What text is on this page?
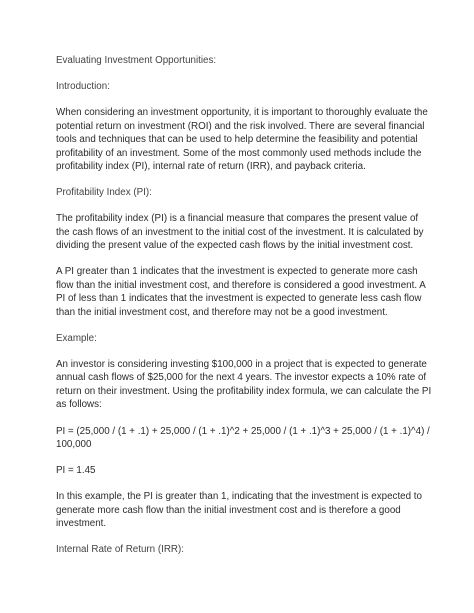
Evaluating Investment Opportunities:

Introduction:

When considering an investment opportunity, it is important to thoroughly evaluate the potential return on investment (ROI) and the risk involved. There are several financial tools and techniques that can be used to help determine the feasibility and potential profitability of an investment. Some of the most commonly used methods include the profitability index (PI), internal rate of return (IRR), and payback criteria.

Profitability Index (PI):

The profitability index (PI) is a financial measure that compares the present value of the cash flows of an investment to the initial cost of the investment. It is calculated by dividing the present value of the expected cash flows by the initial investment cost.

A PI greater than 1 indicates that the investment is expected to generate more cash flow than the initial investment cost, and therefore is considered a good investment. A PI of less than 1 indicates that the investment is expected to generate less cash flow than the initial investment cost, and therefore may not be a good investment.

Example:

An investor is considering investing $100,000 in a project that is expected to generate annual cash flows of $25,000 for the next 4 years. The investor expects a 10% rate of return on their investment. Using the profitability index formula, we can calculate the PI as follows:

PI = (25,000 / (1 + .1) + 25,000 / (1 + .1)^2 + 25,000 / (1 + .1)^3 + 25,000 / (1 + .1)^4) / 100,000

PI = 1.45

In this example, the PI is greater than 1, indicating that the investment is expected to generate more cash flow than the initial investment cost and is therefore a good investment.

Internal Rate of Return (IRR):
